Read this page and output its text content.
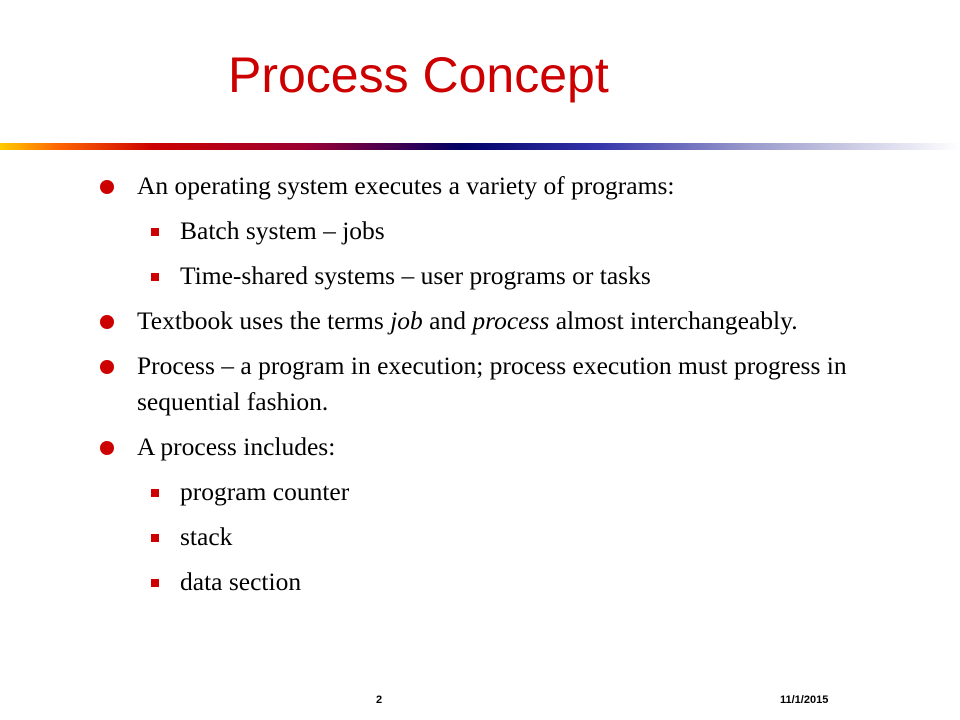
Process Concept
An operating system executes a variety of programs:
Batch system – jobs
Time-shared systems – user programs or tasks
Textbook uses the terms job and process almost interchangeably.
Process – a program in execution; process execution must progress in sequential fashion.
A process includes:
program counter
stack
data section
2	11/1/2015
